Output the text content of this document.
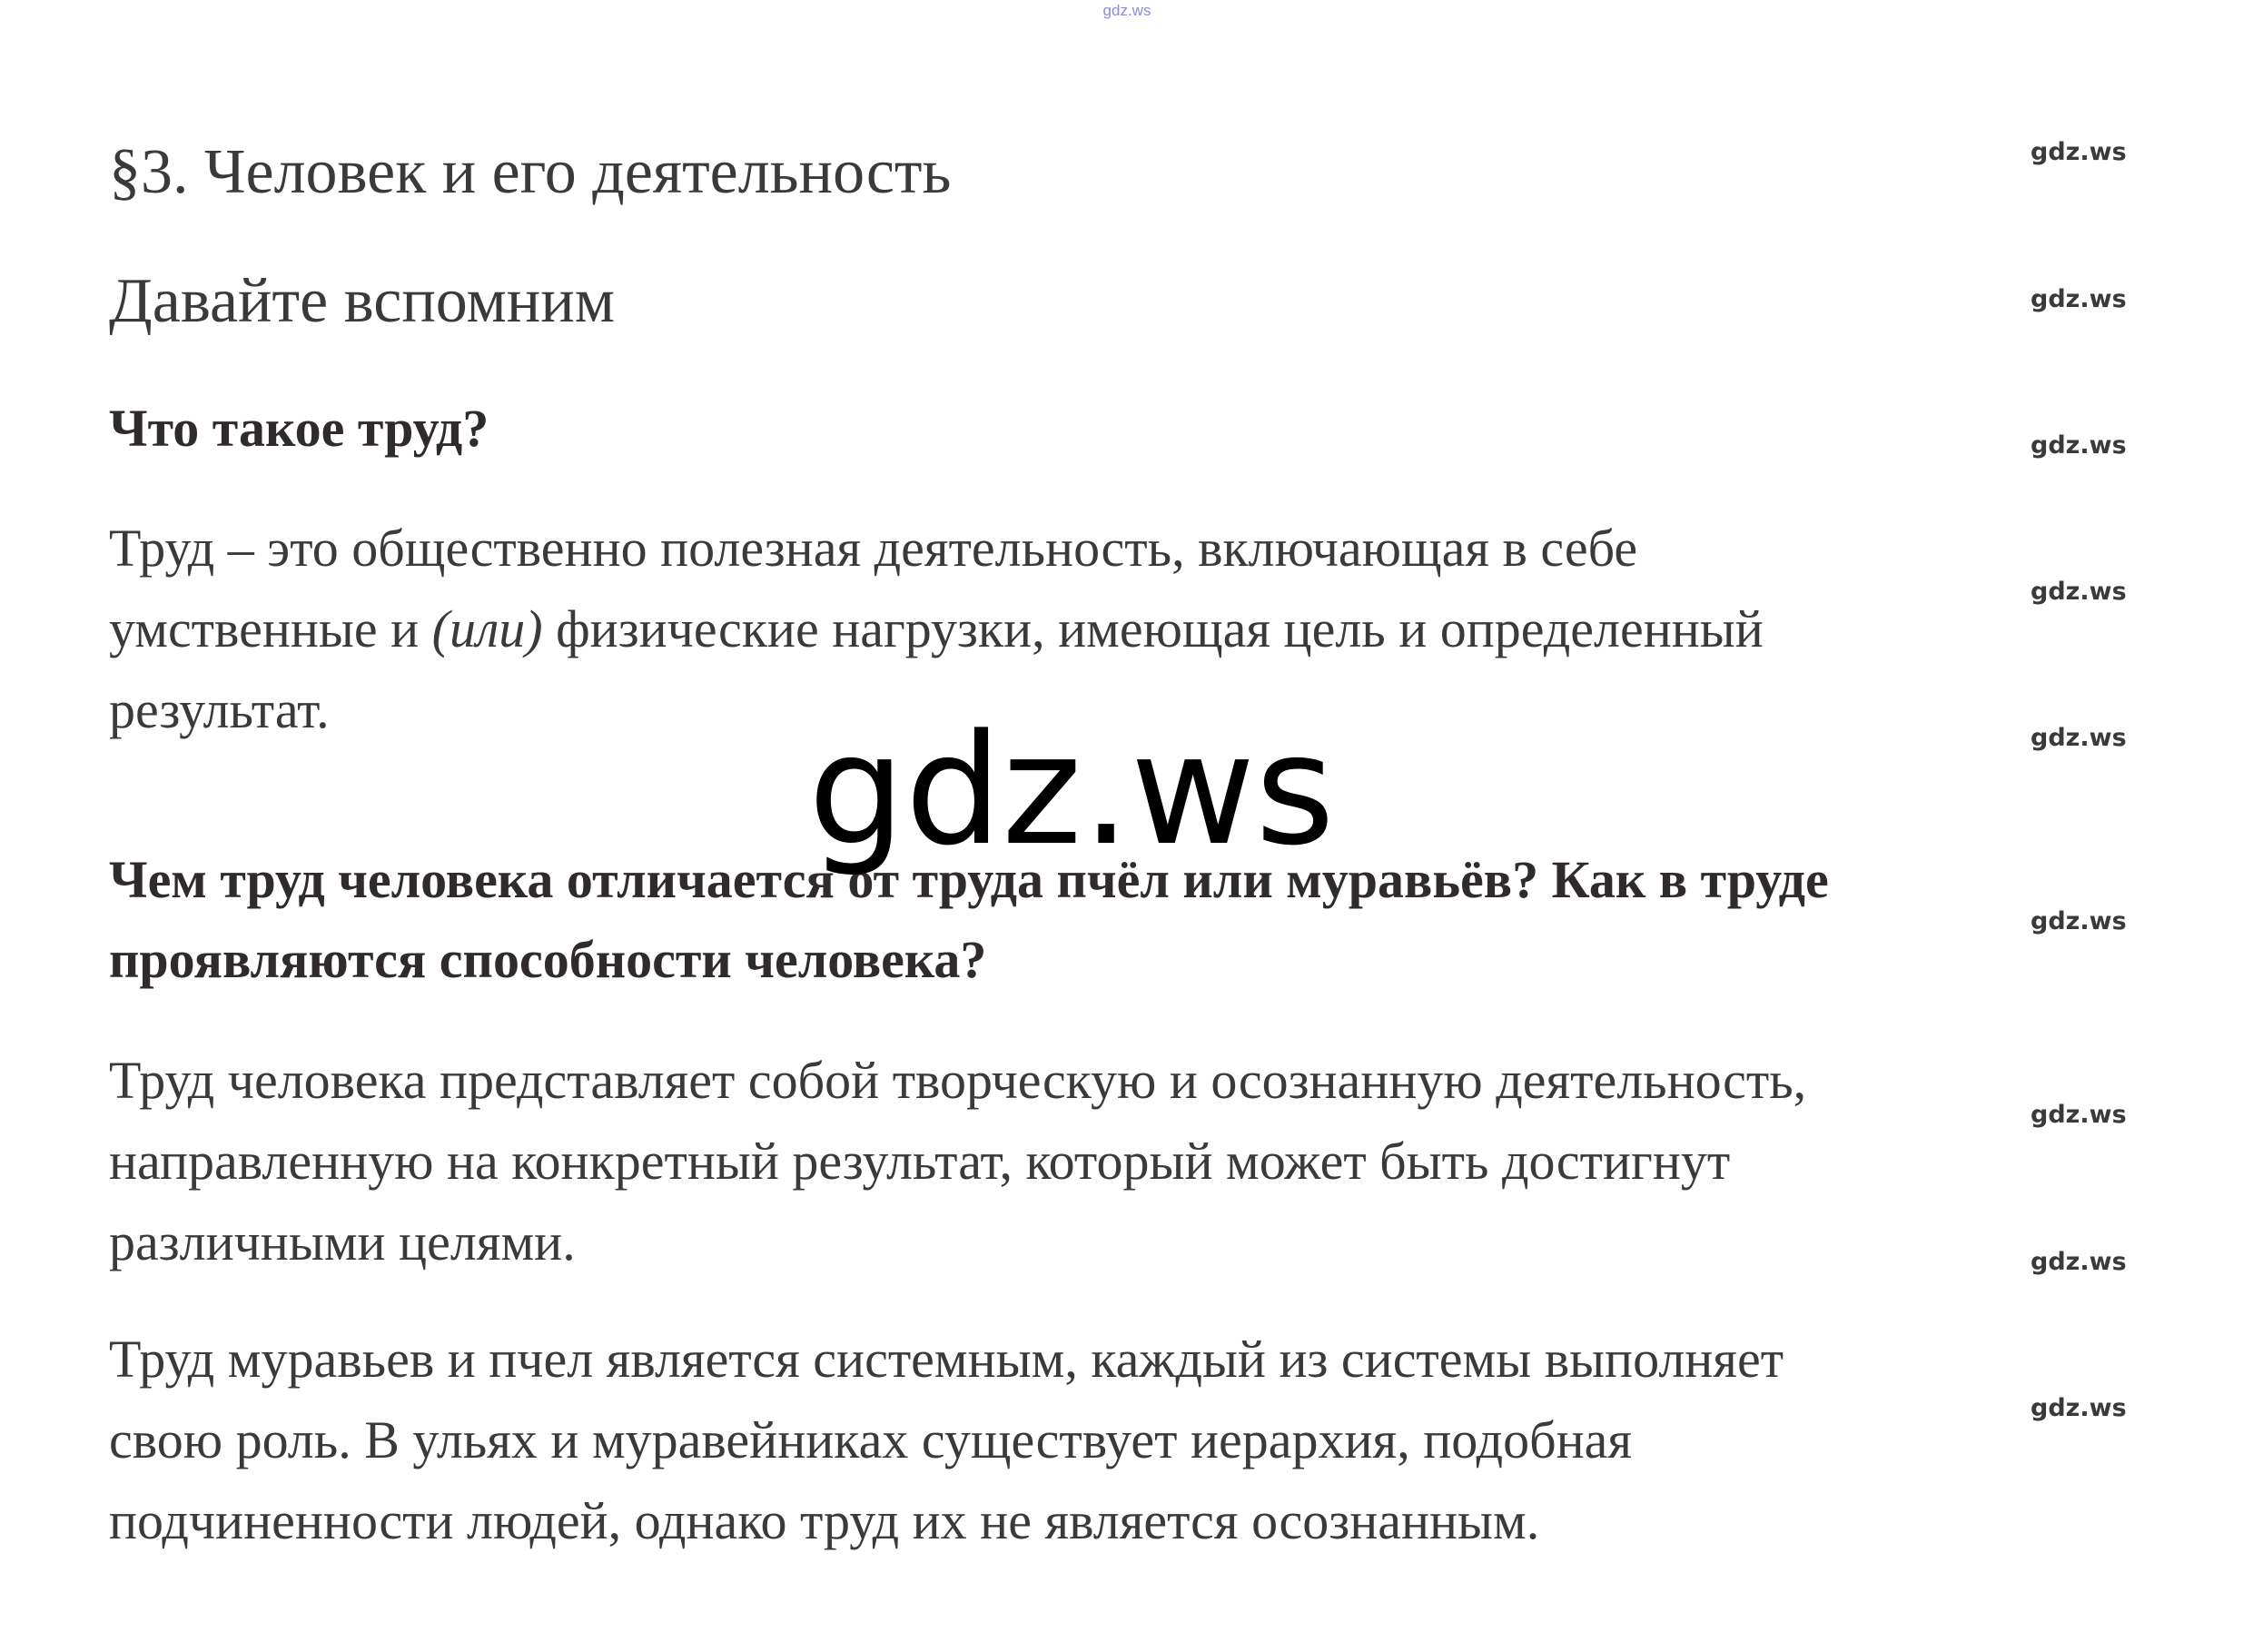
gdz.ws
§3. Человек и его деятельность
Давайте вспомним

Что такое труд?

Труд – это общественно полезная деятельность, включающая в себе
умственные и (или) физические нагрузки, имеющая цель и определенный
результат.

Чем труд человека отличается от труда пчёл или муравьёв? Как в труде
проявляются способности человека?

Труд человека представляет собой творческую и осознанную деятельность,
направленную на конкретный результат, который может быть достигнут
различными целями.

Труд муравьев и пчел является системным, каждый из системы выполняет
свою роль. В ульях и муравейниках существует иерархия, подобная
подчиненности людей, однако труд их не является осознанным.

gdz.ws
gdz.ws
gdz.ws
gdz.ws
gdz.ws
gdz.ws
gdz.ws
gdz.ws
gdz.ws
gdz.ws
